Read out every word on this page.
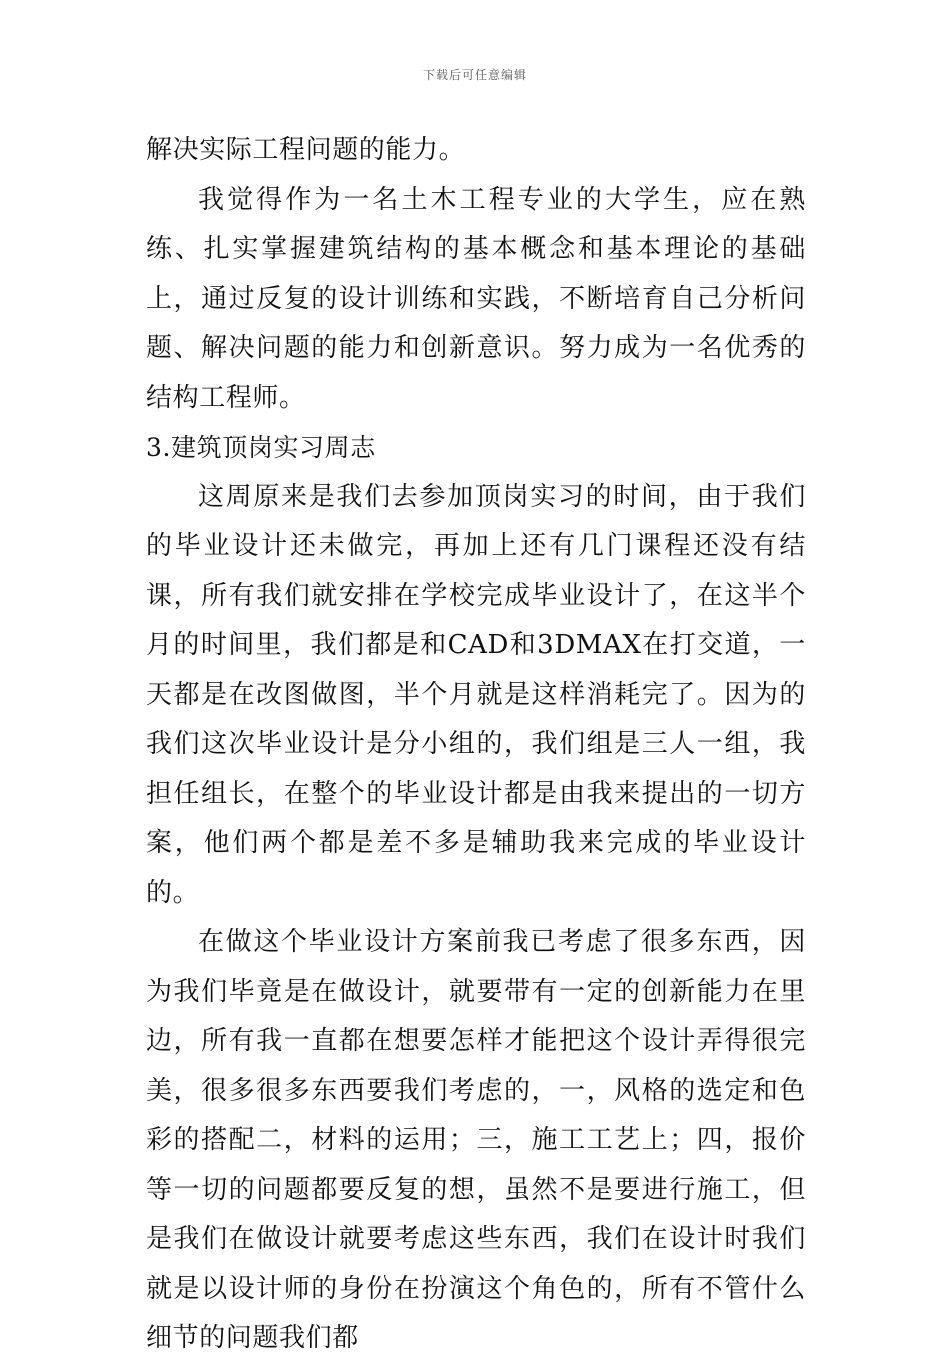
下载后可任意编辑

解决实际工程问题的能力。

我觉得作为一名土木工程专业的大学生，应在熟练、扎实掌握建筑结构的基本概念和基本理论的基础上，通过反复的设计训练和实践，不断培育自己分析问题、解决问题的能力和创新意识。努力成为一名优秀的结构工程师。

3.建筑顶岗实习周志

这周原来是我们去参加顶岗实习的时间，由于我们的毕业设计还未做完，再加上还有几门课程还没有结课，所有我们就安排在学校完成毕业设计了，在这半个月的时间里，我们都是和CAD和3DMAX在打交道，一天都是在改图做图，半个月就是这样消耗完了。因为的我们这次毕业设计是分小组的，我们组是三人一组，我担任组长，在整个的毕业设计都是由我来提出的一切方案，他们两个都是差不多是辅助我来完成的毕业设计的。

在做这个毕业设计方案前我已考虑了很多东西，因为我们毕竟是在做设计，就要带有一定的创新能力在里边，所有我一直都在想要怎样才能把这个设计弄得很完美，很多很多东西要我们考虑的，一，风格的选定和色彩的搭配二，材料的运用；三，施工工艺上；四，报价等一切的问题都要反复的想，虽然不是要进行施工，但是我们在做设计就要考虑这些东西，我们在设计时我们就是以设计师的身份在扮演这个角色的，所有不管什么细节的问题我们都
